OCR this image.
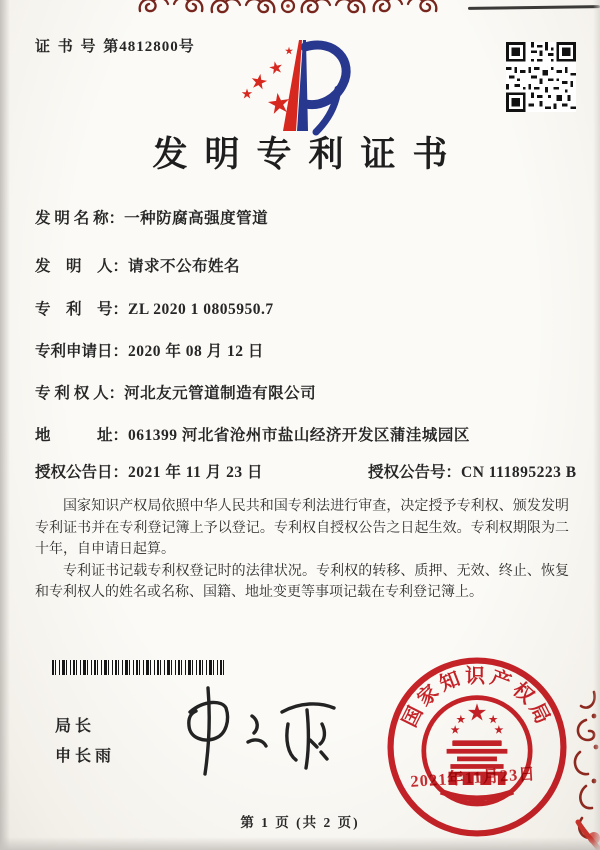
证 书 号 第4812800号
发明专利证书
发 明 名 称：一种防腐高强度管道
发　明　人：请求不公布姓名
专　利　号：ZL 2020 1 0805950.7
专利申请日：2020 年 08 月 12 日
专 利 权 人：河北友元管道制造有限公司
地　　　址：061399 河北省沧州市盐山经济开发区蒲洼城园区
授权公告日：2021 年 11 月 23 日	授权公告号：CN 111895223 B

国家知识产权局依照中华人民共和国专利法进行审查，决定授予专利权、颁发发明专利证书并在专利登记簿上予以登记。专利权自授权公告之日起生效。专利权期限为二十年，自申请日起算。

专利证书记载专利权登记时的法律状况。专利权的转移、质押、无效、终止、恢复和专利权人的姓名或名称、国籍、地址变更等事项记载在专利登记簿上。

局长
申长雨
国家知识产权局
2021年11月23日
第 1 页 (共 2 页)
